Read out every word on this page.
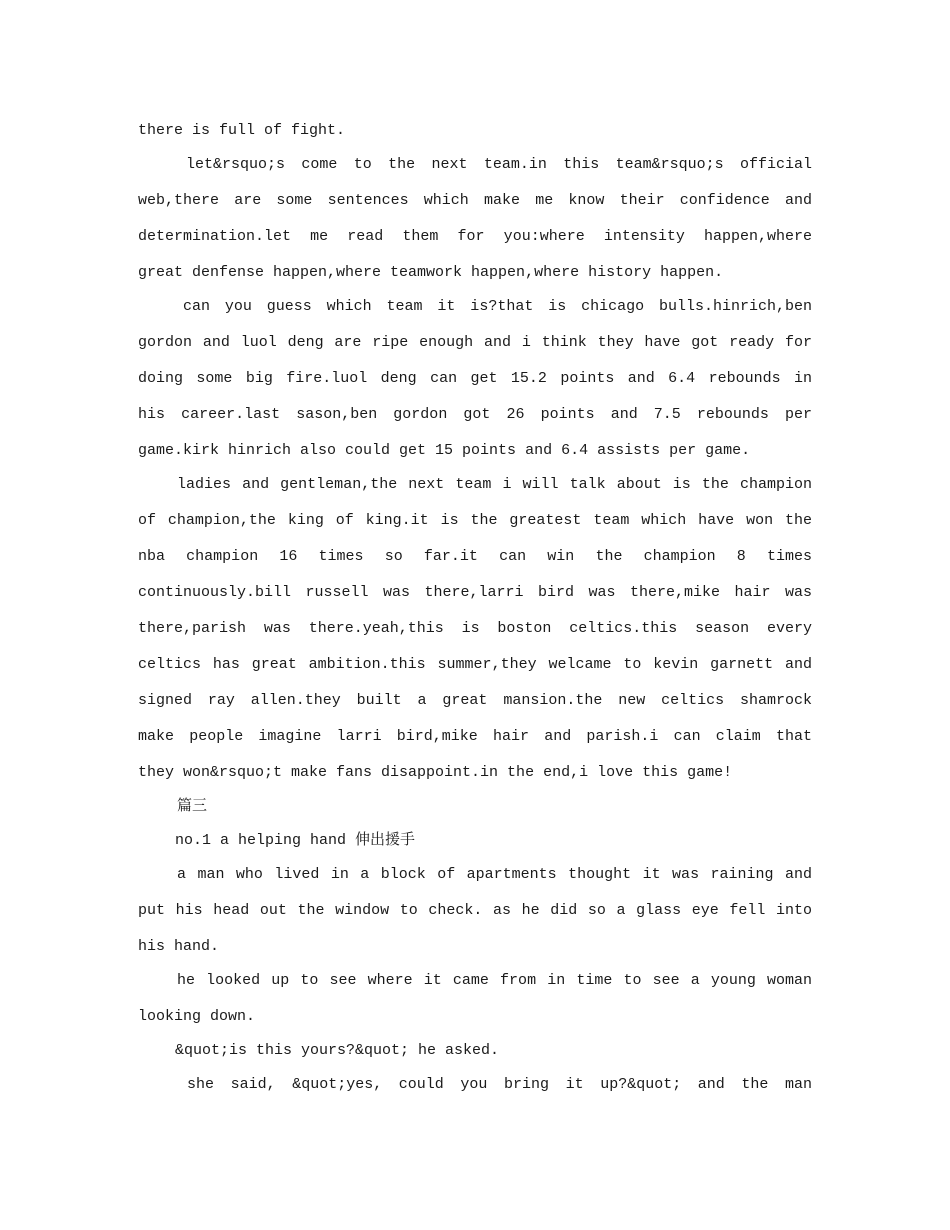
there is full of fight.
let&rsquo;s come to the next team.in this team&rsquo;s official
web,there are some sentences which make me know their confidence and
determination.let me read them for you:where intensity happen,where
great denfense happen,where teamwork happen,where history happen.
can you guess which team it is?that is chicago bulls.hinrich,ben
gordon and luol deng are ripe enough and i think they have got ready for
doing some big fire.luol deng can get 15.2 points and 6.4 rebounds in
his career.last sason,ben gordon got 26 points and 7.5 rebounds per
game.kirk hinrich also could get 15 points and 6.4 assists per game.
ladies and gentleman,the next team i will talk about is the champion
of champion,the king of king.it is the greatest team which have won the
nba champion 16 times so far.it can win the champion 8 times
continuously.bill russell was there,larri bird was there,mike hair was
there,parish was there.yeah,this is boston celtics.this season every
celtics has great ambition.this summer,they welcame to kevin garnett and
signed ray allen.they built a great mansion.the new celtics shamrock
make people imagine larri bird,mike hair and parish.i can claim that
they won&rsquo;t make fans disappoint.in the end,i love this game!
篇三
no.1 a helping hand 伸出援手
a man who lived in a block of apartments thought it was raining and
put his head out the window to check. as he did so a glass eye fell into
his hand.
he looked up to see where it came from in time to see a young woman
looking down.
&quot;is this yours?&quot; he asked.
she said, &quot;yes, could you bring it up?&quot; and the man
